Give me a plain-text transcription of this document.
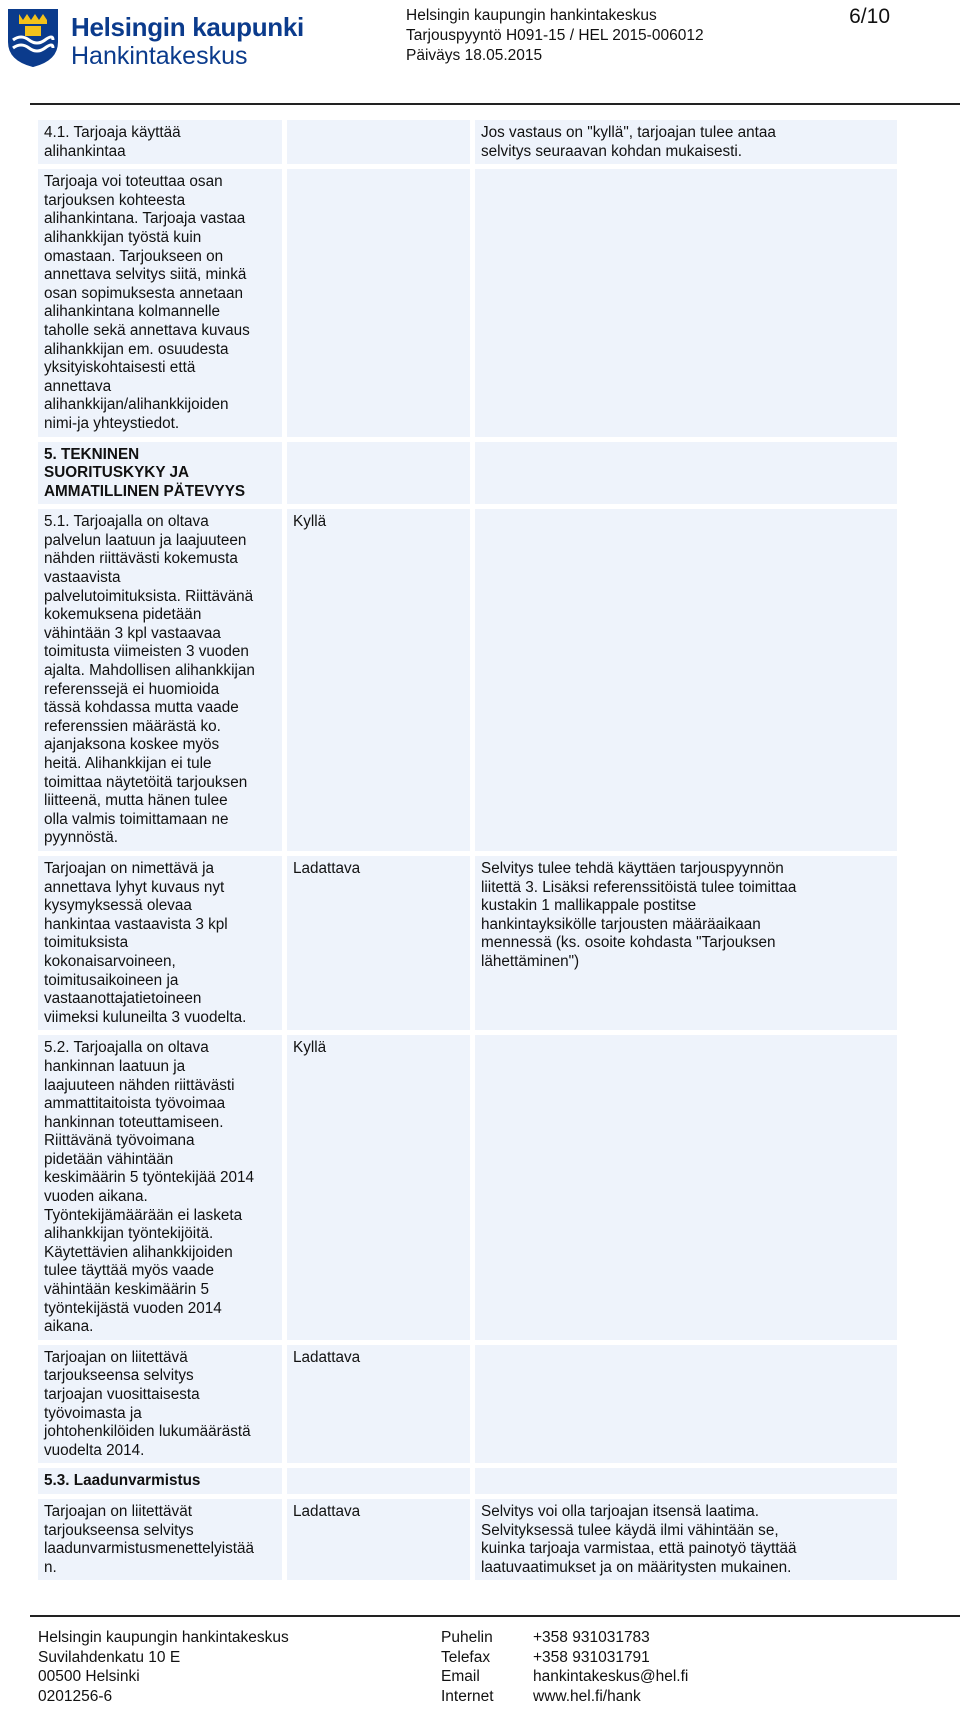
Helsingin kaupunki
Hankintakeskus
Helsingin kaupungin hankintakeskus
Tarjouspyyntö H091-15 / HEL 2015-006012
Päiväys 18.05.2015
6/10
4.1. Tarjoaja käyttää
alihankintaa
Jos vastaus on "kyllä", tarjoajan tulee antaa
selvitys seuraavan kohdan mukaisesti.
Tarjoaja voi toteuttaa osan
tarjouksen kohteesta
alihankintana. Tarjoaja vastaa
alihankkijan työstä kuin
omastaan. Tarjoukseen on
annettava selvitys siitä, minkä
osan sopimuksesta annetaan
alihankintana kolmannelle
taholle sekä annettava kuvaus
alihankkijan em. osuudesta
yksityiskohtaisesti että
annettava
alihankkijan/alihankkijoiden
nimi-ja yhteystiedot.
5. TEKNINEN
SUORITUSKYKY JA
AMMATILLINEN PÄTEVYYS
5.1. Tarjoajalla on oltava
palvelun laatuun ja laajuuteen
nähden riittävästi kokemusta
vastaavista
palvelutoimituksista. Riittävänä
kokemuksena pidetään
vähintään 3 kpl vastaavaa
toimitusta viimeisten 3 vuoden
ajalta. Mahdollisen alihankkijan
referenssejä ei huomioida
tässä kohdassa mutta vaade
referenssien määrästä ko.
ajanjaksona koskee myös
heitä. Alihankkijan ei tule
toimittaa näytetöitä tarjouksen
liitteenä, mutta hänen tulee
olla valmis toimittamaan ne
pyynnöstä.
Kyllä
Tarjoajan on nimettävä ja
annettava lyhyt kuvaus nyt
kysymyksessä olevaa
hankintaa vastaavista 3 kpl
toimituksista
kokonaisarvoineen,
toimitusaikoineen ja
vastaanottajatietoineen
viimeksi kuluneilta 3 vuodelta.
Ladattava	Selvitys tulee tehdä käyttäen tarjouspyynnön
liitettä 3. Lisäksi referenssitöistä tulee toimittaa
kustakin 1 mallikappale postitse
hankintayksikölle tarjousten määräaikaan
mennessä (ks. osoite kohdasta "Tarjouksen
lähettäminen")
5.2. Tarjoajalla on oltava
hankinnan laatuun ja
laajuuteen nähden riittävästi
ammattitaitoista työvoimaa
hankinnan toteuttamiseen.
Riittävänä työvoimana
pidetään vähintään
keskimäärin 5 työntekijää 2014
vuoden aikana.
Työntekijämäärään ei lasketa
alihankkijan työntekijöitä.
Käytettävien alihankkijoiden
tulee täyttää myös vaade
vähintään keskimäärin 5
työntekijästä vuoden 2014
aikana.
Kyllä
Tarjoajan on liitettävä
tarjoukseensa selvitys
tarjoajan vuosittaisesta
työvoimasta ja
johtohenkilöiden lukumäärästä
vuodelta 2014.
Ladattava
5.3. Laadunvarmistus
Tarjoajan on liitettävät
tarjoukseensa selvitys
laadunvarmistusmenettelyistää
n.
Ladattava	Selvitys voi olla tarjoajan itsensä laatima.
Selvityksessä tulee käydä ilmi vähintään se,
kuinka tarjoaja varmistaa, että painotyö täyttää
laatuvaatimukset ja on määritysten mukainen.
Helsingin kaupungin hankintakeskus
Suvilahdenkatu 10 E
00500 Helsinki
0201256-6
Puhelin
Telefax
Email
Internet
+358 931031783
+358 931031791
hankintakeskus@hel.fi
www.hel.fi/hank
